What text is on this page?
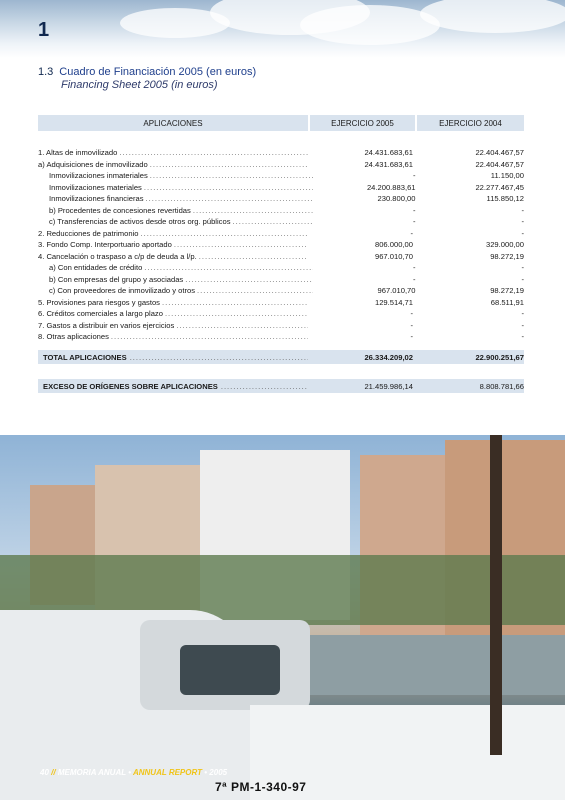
1
1.3 Cuadro de Financiación 2005 (en euros)
Financing Sheet 2005 (in euros)
APLICACIONES	EJERCICIO 2005	EJERCICIO 2004
1. Altas de inmovilizado .....	24.431.683,61	22.404.467,57
a) Adquisiciones de inmovilizado .....	24.431.683,61	22.404.467,57
Inmovilizaciones inmateriales .....	-	11.150,00
Inmovilizaciones materiales .....	24.200.883,61	22.277.467,45
Inmovilizaciones financieras .....	230.800,00	115.850,12
b) Procedentes de concesiones revertidas .....	-	-
c) Transferencias de activos desde otros org. públicos .....	-	-
2. Reducciones de patrimonio .....	-	-
3. Fondo Comp. Interportuario aportado .....	806.000,00	329.000,00
4. Cancelación o traspaso a c/p de deuda a l/p. .....	967.010,70	98.272,19
a) Con entidades de crédito .....	-	-
b) Con empresas del grupo y asociadas .....	-	-
c) Con proveedores de inmovilizado y otros .....	967.010,70	98.272,19
5. Provisiones para riesgos y gastos .....	129.514,71	68.511,91
6. Créditos comerciales a largo plazo .....	-	-
7. Gastos a distribuir en varios ejercicios .....	-	-
8. Otras aplicaciones .....	-	-
TOTAL APLICACIONES .....	26.334.209,02	22.900.251,67
EXCESO DE ORÍGENES SOBRE APLICACIONES .....	21.459.986,14	8.808.781,66
40 // MEMORIA ANUAL • ANNUAL REPORT • 2005
7ª PM-1-340-97
